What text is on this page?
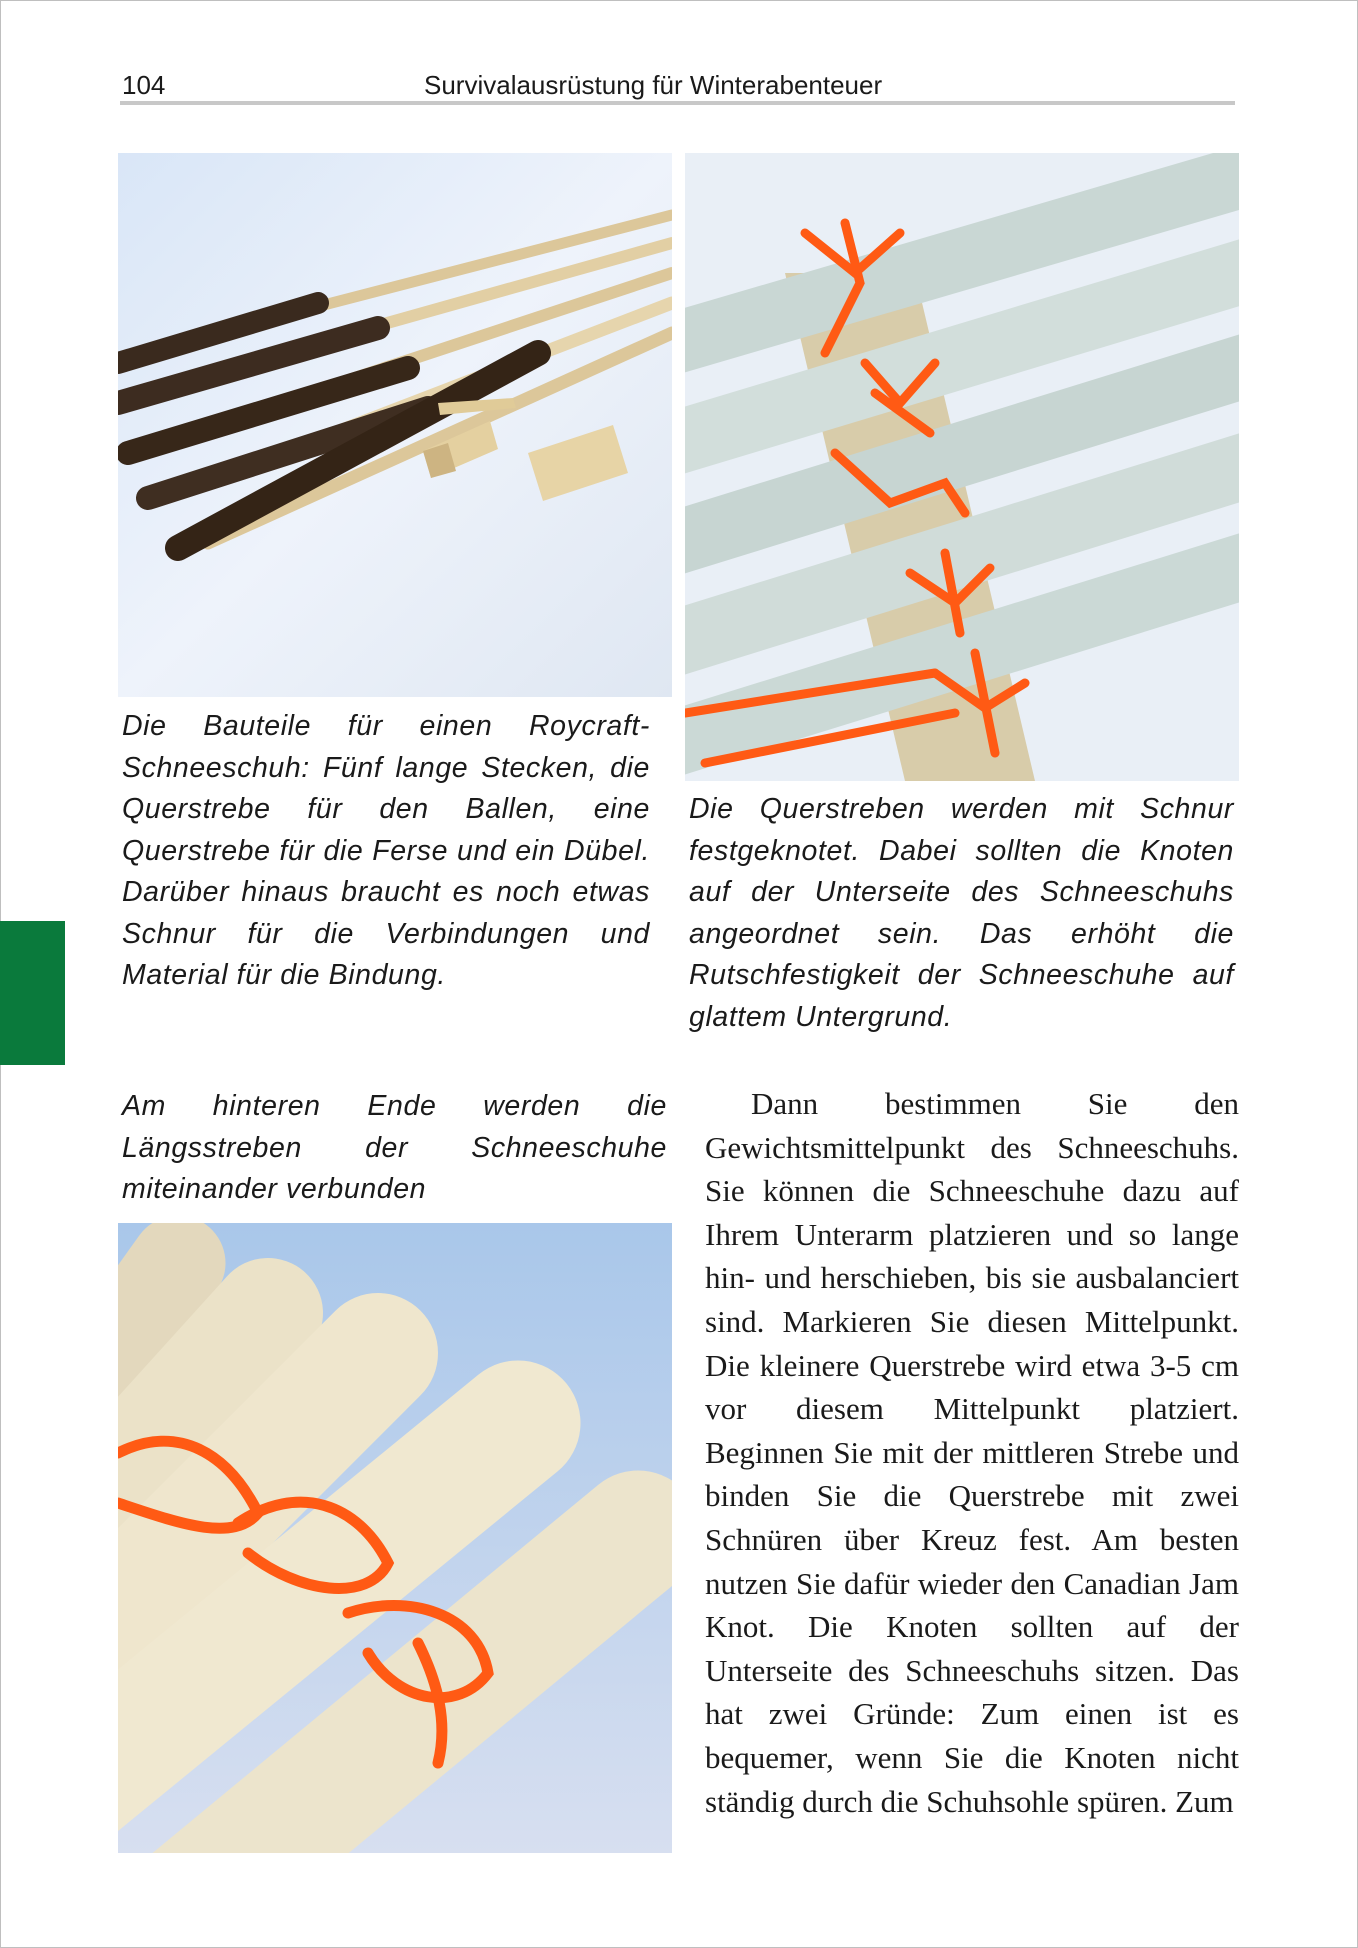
104	Survivalausrüstung für Winterabenteuer

Die Bauteile für einen Roycraft-Schneeschuh: Fünf lange Stecken, die Querstrebe für den Ballen, eine Querstrebe für die Ferse und ein Dübel. Darüber hinaus braucht es noch etwas Schnur für die Verbindungen und Material für die Bindung.

Die Querstreben werden mit Schnur festgeknotet. Dabei sollten die Knoten auf der Unterseite des Schneeschuhs angeordnet sein. Das erhöht die Rutschfestigkeit der Schneeschuhe auf glattem Untergrund.

Am hinteren Ende werden die Längsstreben der Schneeschuhe miteinander verbunden

Dann bestimmen Sie den Gewichtsmittelpunkt des Schneeschuhs. Sie können die Schneeschuhe dazu auf Ihrem Unterarm platzieren und so lange hin- und herschieben, bis sie ausbalanciert sind. Markieren Sie diesen Mittelpunkt. Die kleinere Querstrebe wird etwa 3-5 cm vor diesem Mittelpunkt platziert. Beginnen Sie mit der mittleren Strebe und binden Sie die Querstrebe mit zwei Schnüren über Kreuz fest. Am besten nutzen Sie dafür wieder den Canadian Jam Knot. Die Knoten sollten auf der Unterseite des Schneeschuhs sitzen. Das hat zwei Gründe: Zum einen ist es bequemer, wenn Sie die Knoten nicht ständig durch die Schuhsohle spüren. Zum
